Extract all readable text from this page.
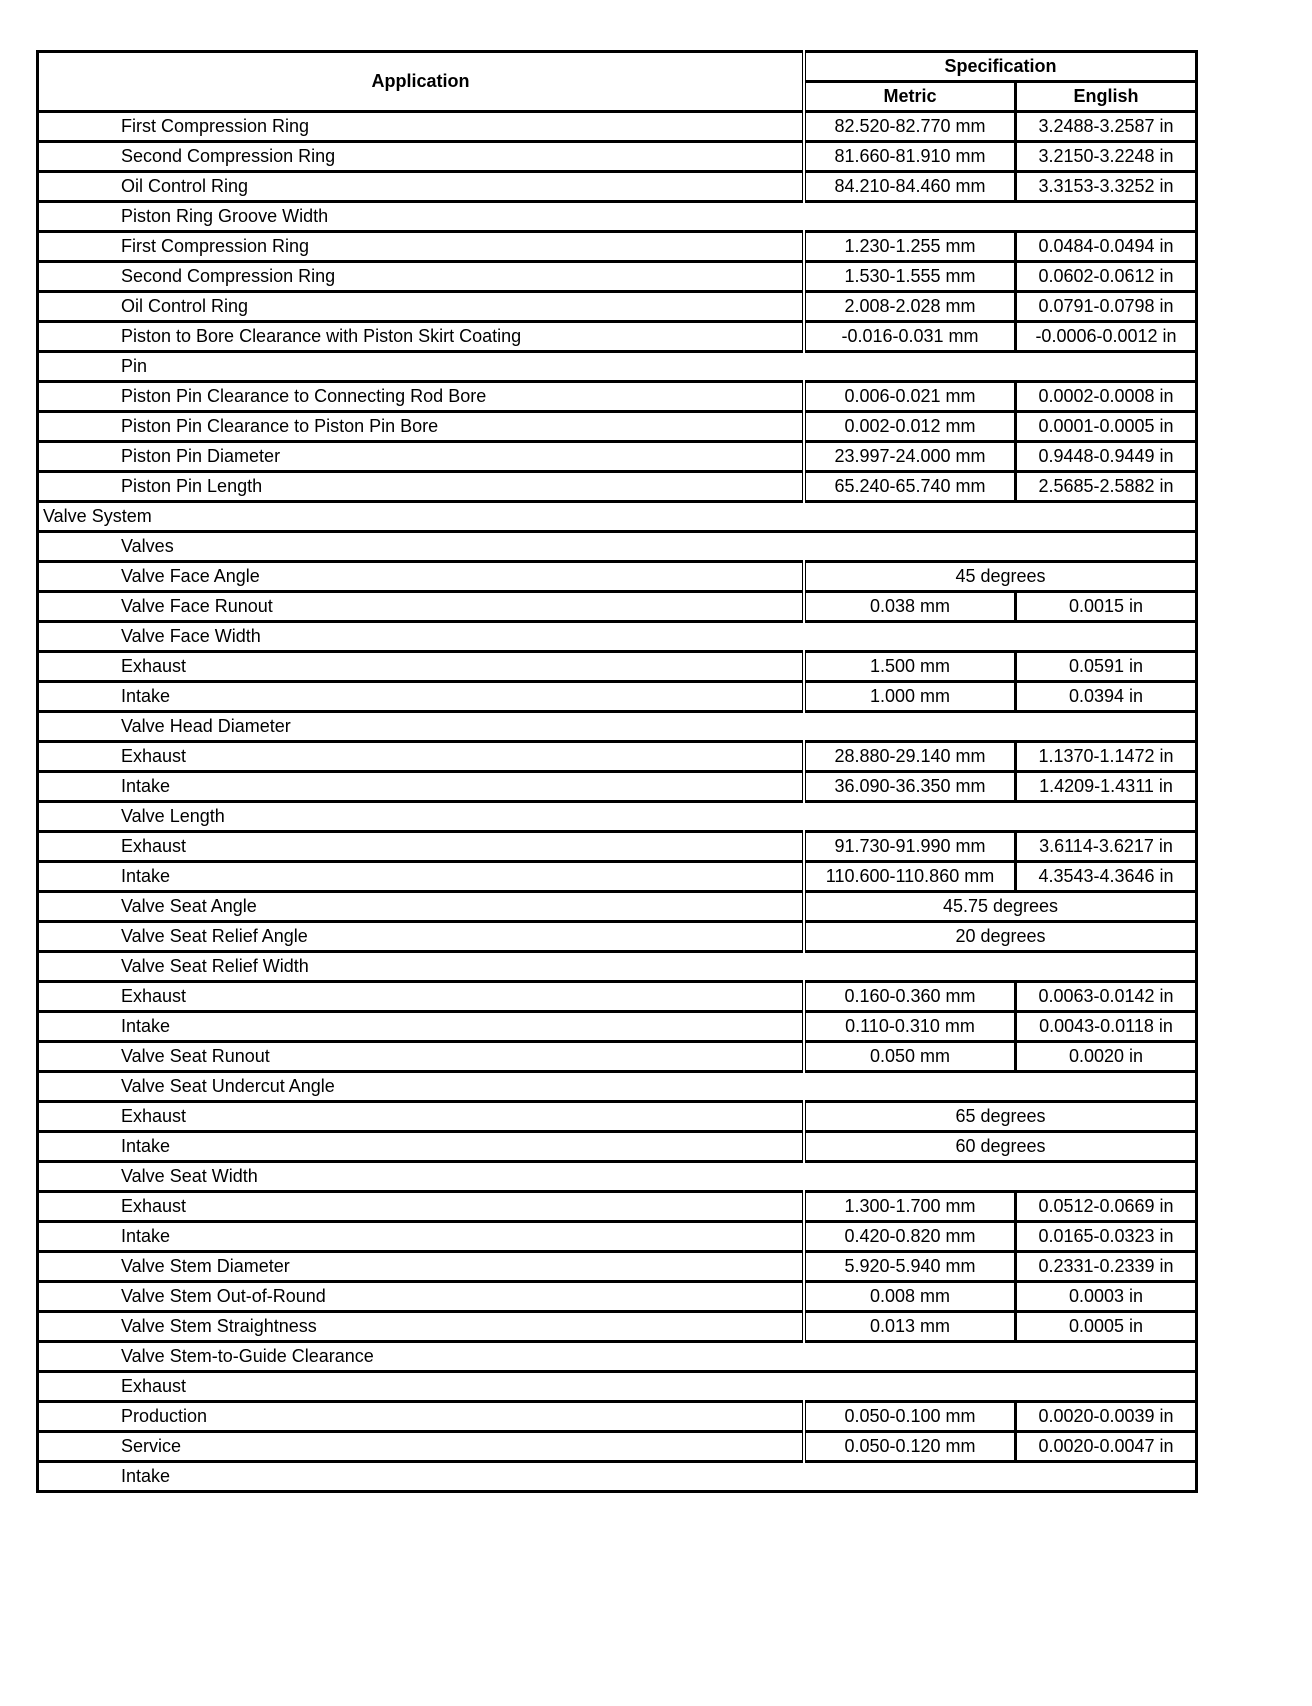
Application	Specification	
	Metric	English
First Compression Ring	82.520-82.770 mm	3.2488-3.2587 in
Second Compression Ring	81.660-81.910 mm	3.2150-3.2248 in
Oil Control Ring	84.210-84.460 mm	3.3153-3.3252 in
Piston Ring Groove Width		
First Compression Ring	1.230-1.255 mm	0.0484-0.0494 in
Second Compression Ring	1.530-1.555 mm	0.0602-0.0612 in
Oil Control Ring	2.008-2.028 mm	0.0791-0.0798 in
Piston to Bore Clearance with Piston Skirt Coating	-0.016-0.031 mm	-0.0006-0.0012 in
Pin		
Piston Pin Clearance to Connecting Rod Bore	0.006-0.021 mm	0.0002-0.0008 in
Piston Pin Clearance to Piston Pin Bore	0.002-0.012 mm	0.0001-0.0005 in
Piston Pin Diameter	23.997-24.000 mm	0.9448-0.9449 in
Piston Pin Length	65.240-65.740 mm	2.5685-2.5882 in
Valve System		
Valves		
Valve Face Angle	45 degrees	
Valve Face Runout	0.038 mm	0.0015 in
Valve Face Width		
Exhaust	1.500 mm	0.0591 in
Intake	1.000 mm	0.0394 in
Valve Head Diameter		
Exhaust	28.880-29.140 mm	1.1370-1.1472 in
Intake	36.090-36.350 mm	1.4209-1.4311 in
Valve Length		
Exhaust	91.730-91.990 mm	3.6114-3.6217 in
Intake	110.600-110.860 mm	4.3543-4.3646 in
Valve Seat Angle	45.75 degrees	
Valve Seat Relief Angle	20 degrees	
Valve Seat Relief Width		
Exhaust	0.160-0.360 mm	0.0063-0.0142 in
Intake	0.110-0.310 mm	0.0043-0.0118 in
Valve Seat Runout	0.050 mm	0.0020 in
Valve Seat Undercut Angle		
Exhaust	65 degrees	
Intake	60 degrees	
Valve Seat Width		
Exhaust	1.300-1.700 mm	0.0512-0.0669 in
Intake	0.420-0.820 mm	0.0165-0.0323 in
Valve Stem Diameter	5.920-5.940 mm	0.2331-0.2339 in
Valve Stem Out-of-Round	0.008 mm	0.0003 in
Valve Stem Straightness	0.013 mm	0.0005 in
Valve Stem-to-Guide Clearance		
Exhaust		
Production	0.050-0.100 mm	0.0020-0.0039 in
Service	0.050-0.120 mm	0.0020-0.0047 in
Intake		
